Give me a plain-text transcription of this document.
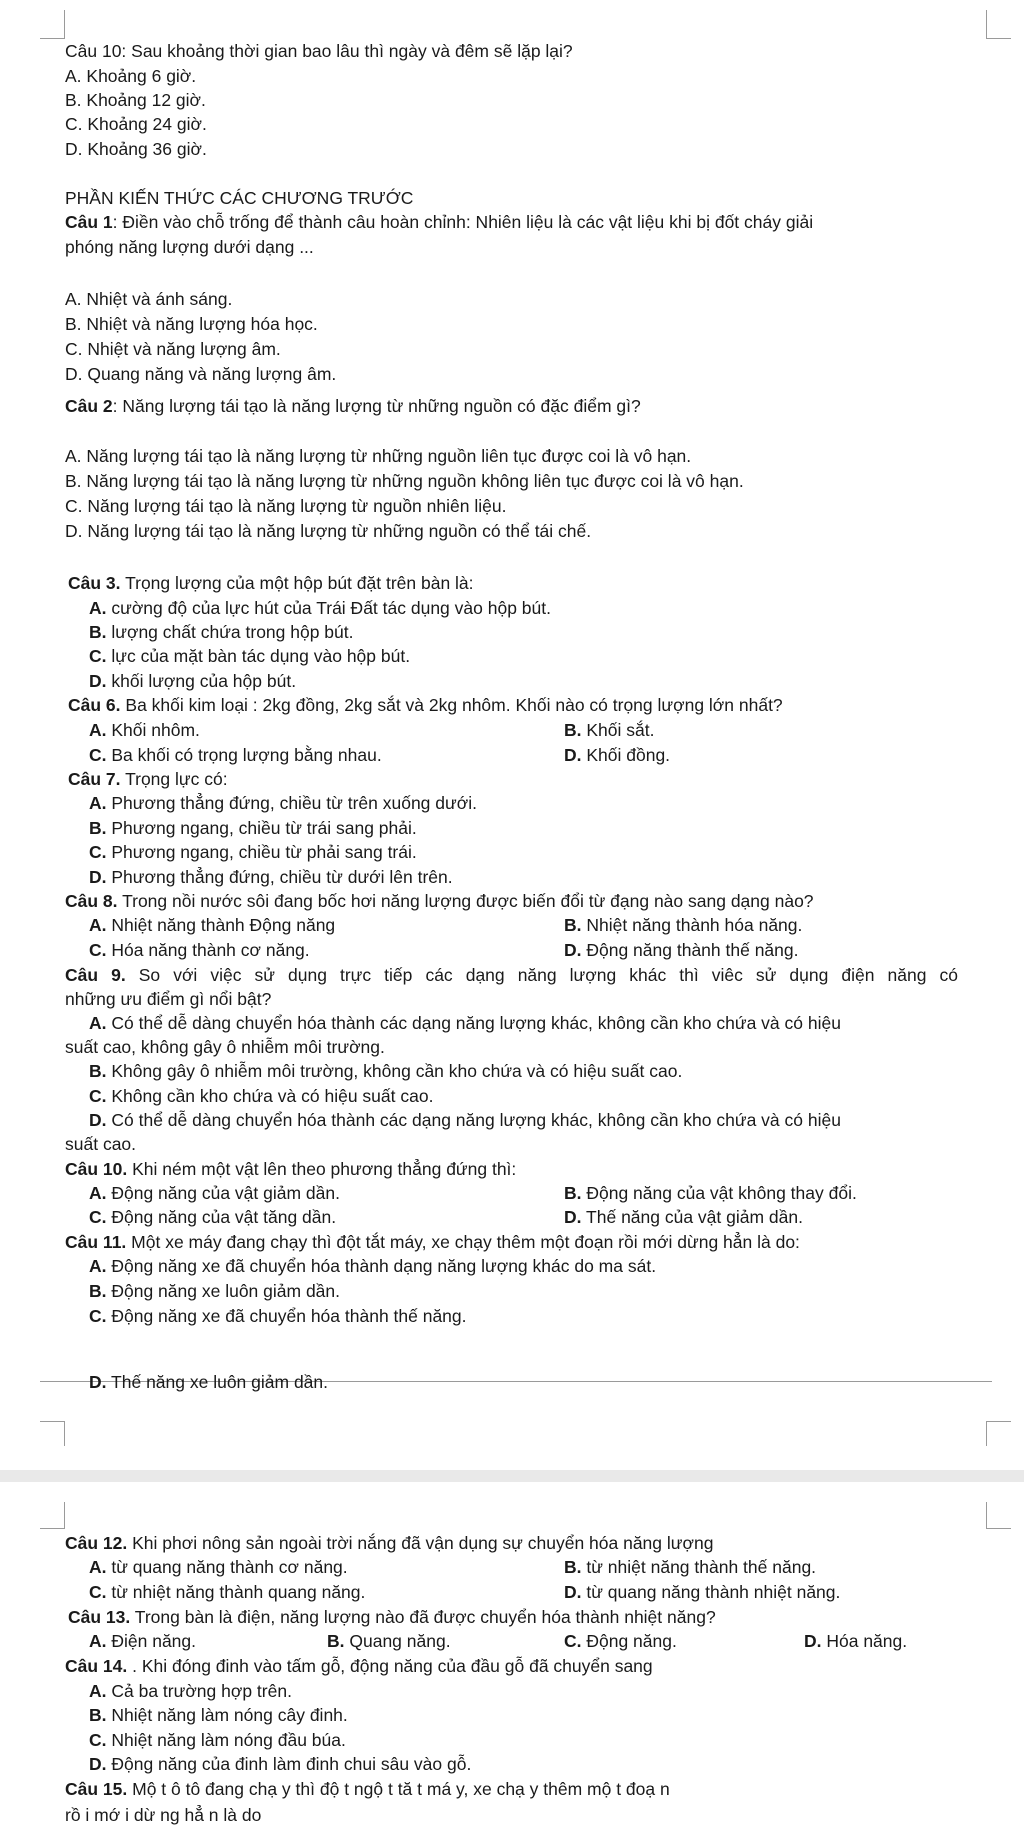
Câu 10: Sau khoảng thời gian bao lâu thì ngày và đêm sẽ lặp lại?
A. Khoảng 6 giờ.
B. Khoảng 12 giờ.
C. Khoảng 24 giờ.
D. Khoảng 36 giờ.
PHẦN KIẾN THỨC CÁC CHƯƠNG TRƯỚC
Câu 1: Điền vào chỗ trống để thành câu hoàn chỉnh: Nhiên liệu là các vật liệu khi bị đốt cháy giải
phóng năng lượng dưới dạng ...
A. Nhiệt và ánh sáng.
B. Nhiệt và năng lượng hóa học.
C. Nhiệt và năng lượng âm.
D. Quang năng và năng lượng âm.
Câu 2: Năng lượng tái tạo là năng lượng từ những nguồn có đặc điểm gì?
A. Năng lượng tái tạo là năng lượng từ những nguồn liên tục được coi là vô hạn.
B. Năng lượng tái tạo là năng lượng từ những nguồn không liên tục được coi là vô hạn.
C. Năng lượng tái tạo là năng lượng từ nguồn nhiên liệu.
D. Năng lượng tái tạo là năng lượng từ những nguồn có thể tái chế.
Câu 3. Trọng lượng của một hộp bút đặt trên bàn là:
A. cường độ của lực hút của Trái Đất tác dụng vào hộp bút.
B. lượng chất chứa trong hộp bút.
C. lực của mặt bàn tác dụng vào hộp bút.
D. khối lượng của hộp bút.
Câu 6. Ba khối kim loại : 2kg đồng, 2kg sắt và 2kg nhôm. Khối nào có trọng lượng lớn nhất?
A. Khối nhôm.	B. Khối sắt.
C. Ba khối có trọng lượng bằng nhau.	D. Khối đồng.
Câu 7. Trọng lực có:
A. Phương thẳng đứng, chiều từ trên xuống dưới.
B. Phương ngang, chiều từ trái sang phải.
C. Phương ngang, chiều từ phải sang trái.
D. Phương thẳng đứng, chiều từ dưới lên trên.
Câu 8. Trong nồi nước sôi đang bốc hơi năng lượng được biến đổi từ đạng nào sang dạng nào?
A. Nhiệt năng thành Động năng	B. Nhiệt năng thành hóa năng.
C. Hóa năng thành cơ năng.	D. Động năng thành thế năng.
Câu 9. So với việc sử dụng trực tiếp các dạng năng lượng khác thì viêc sử dụng điện năng có
những ưu điểm gì nổi bật?
A. Có thể dễ dàng chuyển hóa thành các dạng năng lượng khác, không cần kho chứa và có hiệu
suất cao, không gây ô nhiễm môi trường.
B. Không gây ô nhiễm môi trường, không cần kho chứa và có hiệu suất cao.
C. Không cần kho chứa và có hiệu suất cao.
D. Có thể dễ dàng chuyển hóa thành các dạng năng lượng khác, không cần kho chứa và có hiệu
suất cao.
Câu 10. Khi ném một vật lên theo phương thẳng đứng thì:
A. Động năng của vật giảm dần.	B. Động năng của vật không thay đổi.
C. Động năng của vật tăng dần.	D. Thế năng của vật giảm dần.
Câu 11. Một xe máy đang chạy thì đột tắt máy, xe chạy thêm một đoạn rồi mới dừng hẳn là do:
A. Động năng xe đã chuyển hóa thành dạng năng lượng khác do ma sát.
B. Động năng xe luôn giảm dần.
C. Động năng xe đã chuyển hóa thành thế năng.
D. Thế năng xe luôn giảm dần.
Câu 12. Khi phơi nông sản ngoài trời nắng đã vận dụng sự chuyển hóa năng lượng
A. từ quang năng thành cơ năng.	B. từ nhiệt năng thành thế năng.
C. từ nhiệt năng thành quang năng.	D. từ quang năng thành nhiệt năng.
Câu 13. Trong bàn là điện, năng lượng nào đã được chuyển hóa thành nhiệt năng?
A. Điện năng.	B. Quang năng.	C. Động năng.	D. Hóa năng.
Câu 14. . Khi đóng đinh vào tấm gỗ, động năng của đầu gỗ đã chuyển sang
A. Cả ba trường hợp trên.
B. Nhiệt năng làm nóng cây đinh.
C. Nhiệt năng làm nóng đầu búa.
D. Động năng của đinh làm đinh chui sâu vào gỗ.
Câu 15. Mộ t ô tô đang chạ y thì độ t ngộ t tă t má y, xe chạ y thêm mộ t đoạ n
rồ i mớ i dừ ng hẳ n là do
